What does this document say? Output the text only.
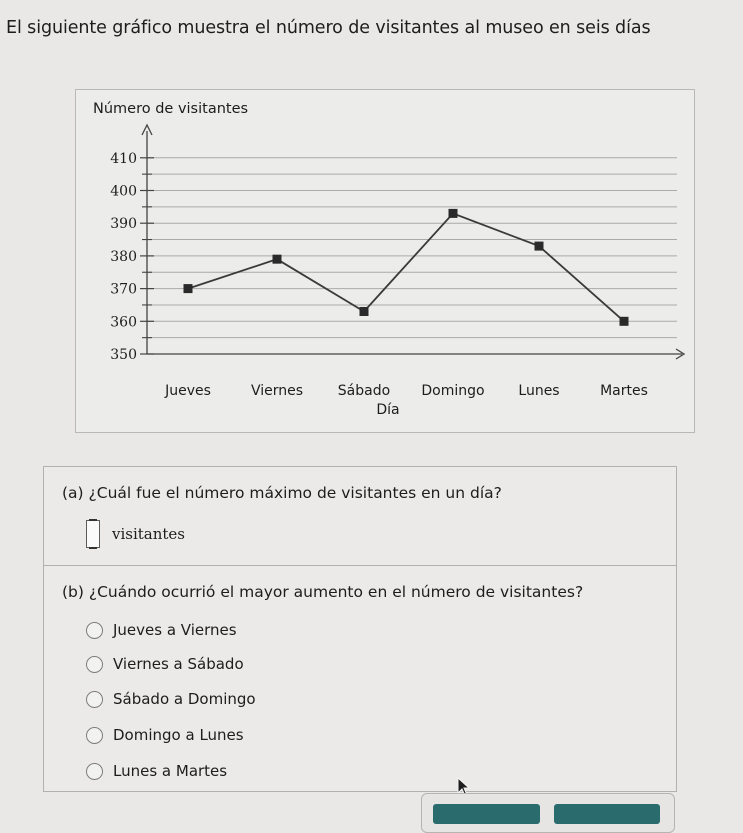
El siguiente gráfico muestra el número de visitantes al museo en seis días
Número de visitantes
350
360
370
380
390
400
410
Jueves	Viernes Sábado Domingo Lunes	Martes
Día
(a) ¿Cuál fue el número máximo de visitantes en un día?
visitantes
(b) ¿Cuándo ocurrió el mayor aumento en el número de visitantes?
Jueves a Viernes
Viernes a Sábado
Sábado a Domingo
Domingo a Lunes
Lunes a Martes
